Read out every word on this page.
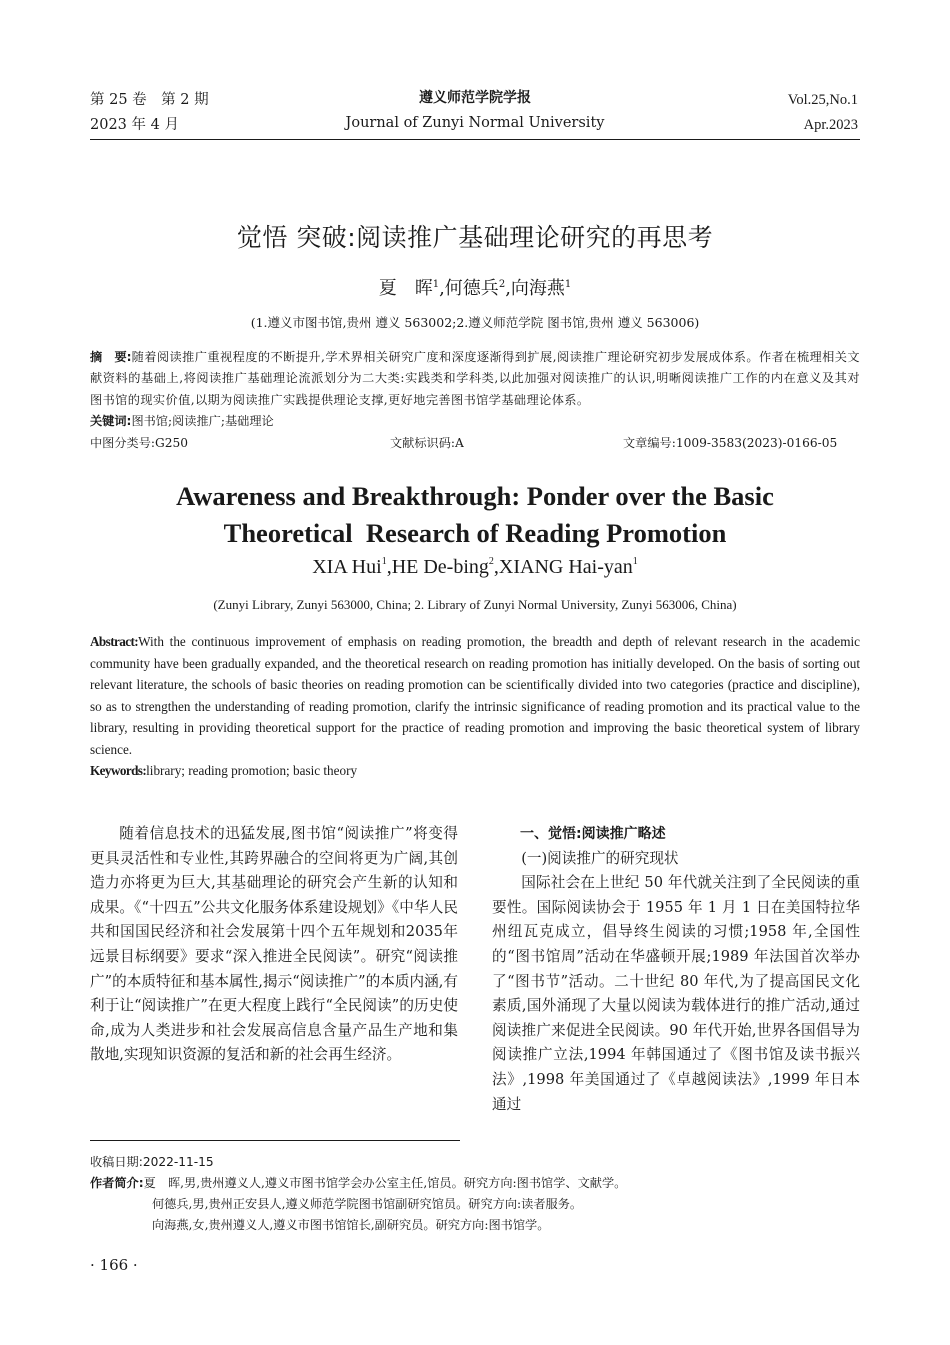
第 25 卷　第 2 期
2023 年 4 月
遵义师范学院学报
Journal of Zunyi Normal University
Vol.25,No.1
Apr.2023
觉悟 突破:阅读推广基础理论研究的再思考
夏　晖$^1$,何德兵$^2$,向海燕$^1$
(1.遵义市图书馆,贵州 遵义 563002;2.遵义师范学院 图书馆,贵州 遵义 563006)
摘　要:随着阅读推广重视程度的不断提升,学术界相关研究广度和深度逐渐得到扩展,阅读推广理论研究初步发展成体系。作者在梳理相关文献资料的基础上,将阅读推广基础理论流派划分为二大类:实践类和学科类,以此加强对阅读推广的认识,明晰阅读推广工作的内在意义及其对图书馆的现实价值,以期为阅读推广实践提供理论支撑,更好地完善图书馆学基础理论体系。
关键词:图书馆;阅读推广;基础理论
中图分类号:G250	文献标识码:A	文章编号:1009-3583(2023)-0166-05
Awareness and Breakthrough: Ponder over the Basic
Theoretical  Research of Reading Promotion
XIA Hui$^1$,HE De-bing$^2$,XIANG Hai-yan$^1$
(Zunyi Library, Zunyi 563000, China; 2. Library of Zunyi Normal University, Zunyi 563006, China)
Abstract:With the continuous improvement of emphasis on reading promotion, the breadth and depth of relevant research in the academic community have been gradually expanded, and the theoretical research on reading promotion has initially developed. On the basis of sorting out relevant literature, the schools of basic theories on reading promotion can be scientifically divided into two categories (practice and discipline), so as to strengthen the understanding of reading promotion, clarify the intrinsic significance of reading promotion and its practical value to the library, resulting in providing theoretical support for the practice of reading promotion and improving the basic theoretical system of library science.
Keywords:library; reading promotion; basic theory

随着信息技术的迅猛发展,图书馆“阅读推广”将变得更具灵活性和专业性,其跨界融合的空间将更为广阔,其创造力亦将更为巨大,其基础理论的研究会产生新的认知和成果。《“十四五”公共文化服务体系建设规划》《中华人民共和国国民经济和社会发展第十四个五年规划和2035年远景目标纲要》要求“深入推进全民阅读”。研究“阅读推广”的本质特征和基本属性,揭示“阅读推广”的本质内涵,有利于让“阅读推广”在更大程度上践行“全民阅读”的历史使命,成为人类进步和社会发展高信息含量产品生产地和集散地,实现知识资源的复活和新的社会再生经济。

一、觉悟:阅读推广略述

(一)阅读推广的研究现状

国际社会在上世纪 50 年代就关注到了全民阅读的重要性。国际阅读协会于 1955 年 1 月 1 日在美国特拉华州纽瓦克成立，倡导终生阅读的习惯;1958 年,全国性的“图书馆周”活动在华盛顿开展;1989 年法国首次举办了“图书节”活动。二十世纪 80 年代,为了提高国民文化素质,国外涌现了大量以阅读为载体进行的推广活动,通过阅读推广来促进全民阅读。90 年代开始,世界各国倡导为阅读推广立法,1994 年韩国通过了《图书馆及读书振兴法》,1998 年美国通过了《卓越阅读法》,1999 年日本通过

收稿日期:2022-11-15
作者简介:夏　晖,男,贵州遵义人,遵义市图书馆学会办公室主任,馆员。研究方向:图书馆学、文献学。
何德兵,男,贵州正安县人,遵义师范学院图书馆副研究馆员。研究方向:读者服务。
向海燕,女,贵州遵义人,遵义市图书馆馆长,副研究员。研究方向:图书馆学。
· 166 ·
